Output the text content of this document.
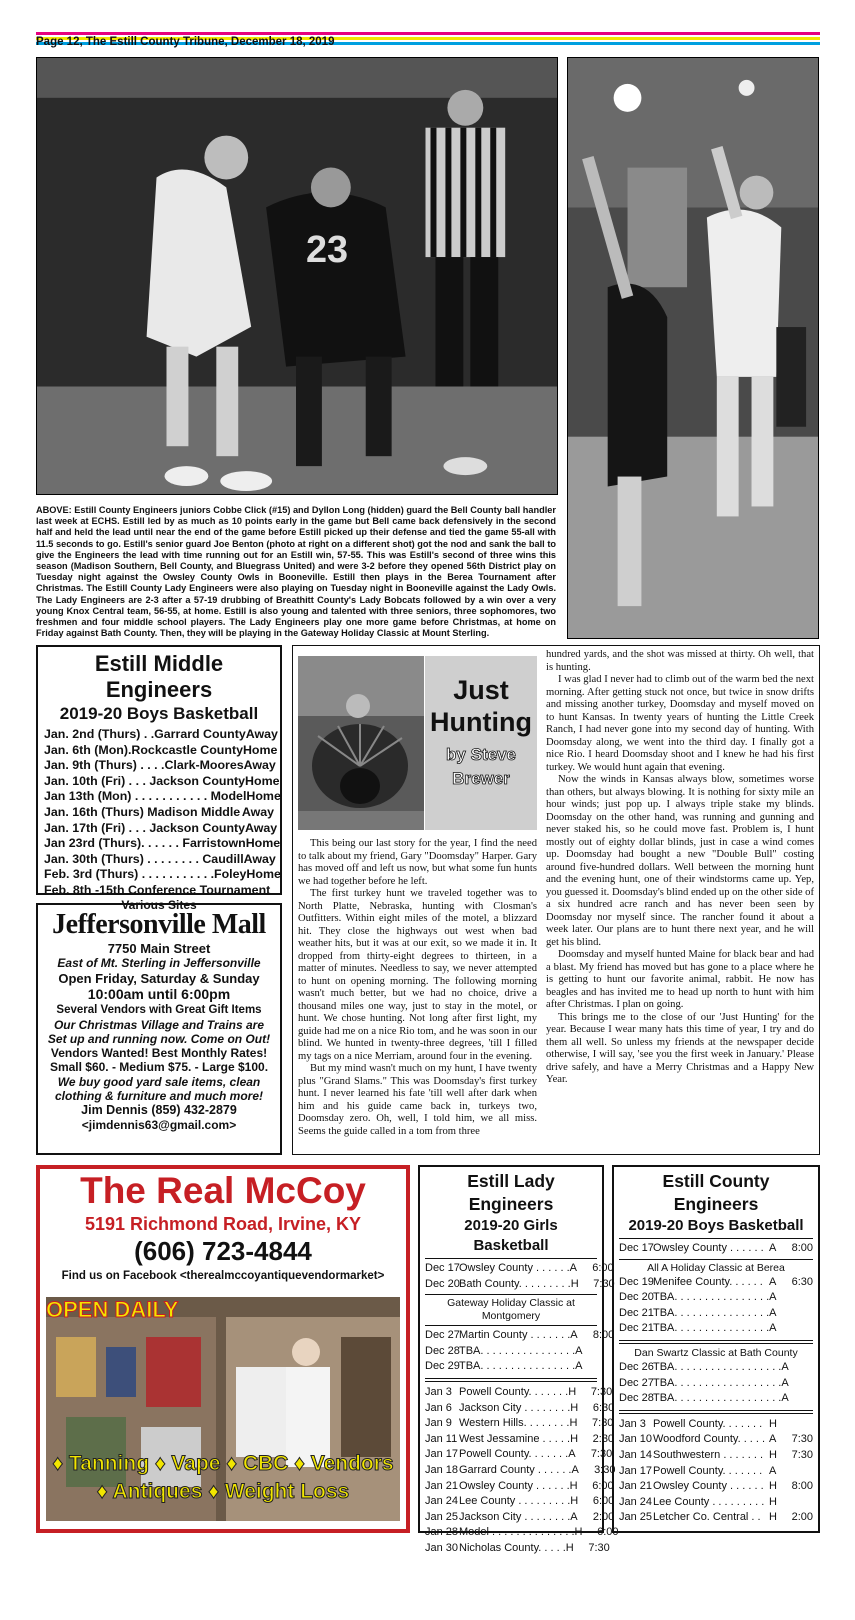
Page 12, The Estill County Tribune, December 18, 2019
23
ABOVE: Estill County Engineers juniors Cobbe Click (#15) and Dyllon Long (hidden) guard the Bell County ball handler last week at ECHS. Estill led by as much as 10 points early in the game but Bell came back defensively in the second half and held the lead until near the end of the game before Estill picked up their defense and tied the game 55-all with 11.5 seconds to go. Estill's senior guard Joe Benton (photo at right on a different shot) got the nod and sank the ball to give the Engineers the lead with time running out for an Estill win, 57-55. This was Estill's second of three wins this season (Madison Southern, Bell County, and Bluegrass United) and were 3-2 before they opened 56th District play on Tuesday night against the Owsley County Owls in Booneville. Estill then plays in the Berea Tournament after Christmas. The Estill County Lady Engineers were also playing on Tuesday night in Booneville against the Lady Owls. The Lady Engineers are 2-3 after a 57-19 drubbing of Breathitt County's Lady Bobcats followed by a win over a very young Knox Central team, 56-55, at home. Estill is also young and talented with three seniors, three sophomores, two freshmen and four middle school players. The Lady Engineers play one more game before Christmas, at home on Friday against Bath County. Then, they will be playing in the Gateway Holiday Classic at Mount Sterling.
Estill Middle Engineers
2019-20 Boys Basketball
Jan. 2nd (Thurs) . .Garrard County Away
Jan. 6th (Mon).Rockcastle County Home
Jan. 9th (Thurs) . . . .Clark-Moores Away
Jan. 10th (Fri) . . . Jackson County Home
Jan 13th (Mon) . . . . . . . . . . . Model Home
Jan. 16th (Thurs) Madison Middle Away
Jan. 17th (Fri) . . . Jackson County Away
Jan 23rd (Thurs). . . . . . Farristown Home
Jan. 30th (Thurs) . . . . . . . . Caudill Away
Feb. 3rd (Thurs) . . . . . . . . . . .Foley Home
Feb. 8th -15th Conference Tournament
Various Sites
Jeffersonville Mall
7750 Main Street
East of Mt. Sterling in Jeffersonville
Open Friday, Saturday & Sunday
10:00am until 6:00pm
Several Vendors with Great Gift Items
Our Christmas Village and Trains are
Set up and running now. Come on Out!
Vendors Wanted! Best Monthly Rates!
Small $60. - Medium $75. - Large $100.
We buy good yard sale items, clean
clothing & furniture and much more!
Jim Dennis (859) 432-2879
<jimdennis63@gmail.com>
Just
Hunting
by Steve
Brewer

This being our last story for the year, I find the need to talk about my friend, Gary "Doomsday" Harper. Gary has moved off and left us now, but what some fun hunts we had together before he left.

The first turkey hunt we traveled together was to North Platte, Nebraska, hunting with Closman's Outfitters. Within eight miles of the motel, a blizzard hit. They close the highways out west when bad weather hits, but it was at our exit, so we made it in. It dropped from thirty-eight degrees to thirteen, in a matter of minutes. Needless to say, we never attempted to hunt on opening morning. The following morning wasn't much better, but we had no choice, drive a thousand miles one way, just to stay in the motel, or hunt. We chose hunting. Not long after first light, my guide had me on a nice Rio tom, and he was soon in our blind. We hunted in twenty-three degrees, 'till I filled my tags on a nice Merriam, around four in the evening.

But my mind wasn't much on my hunt, I have twenty plus "Grand Slams." This was Doomsday's first turkey hunt. I never learned his fate 'till well after dark when him and his guide came back in, turkeys two, Doomsday zero. Oh, well, I told him, we all miss. Seems the guide called in a tom from three

hundred yards, and the shot was missed at thirty. Oh well, that is hunting.

I was glad I never had to climb out of the warm bed the next morning. After getting stuck not once, but twice in snow drifts and missing another turkey, Doomsday and myself moved on to hunt Kansas. In twenty years of hunting the Little Creek Ranch, I had never gone into my second day of hunting. With Doomsday along, we went into the third day. I finally got a nice Rio. I heard Doomsday shoot and I knew he had his first turkey. We would hunt again that evening.

Now the winds in Kansas always blow, sometimes worse than others, but always blowing. It is nothing for sixty mile an hour winds; just pop up. I always triple stake my blinds. Doomsday on the other hand, was running and gunning and never staked his, so he could move fast. Problem is, I hunt mostly out of eighty dollar blinds, just in case a wind comes up. Doomsday had bought a new "Double Bull" costing around five-hundred dollars. Well between the morning hunt and the evening hunt, one of their windstorms came up. Yep, you guessed it. Doomsday's blind ended up on the other side of a six hundred acre ranch and has never been seen by Doomsday nor myself since. The rancher found it about a week later. Our plans are to hunt there next year, and he will get his blind.

Doomsday and myself hunted Maine for black bear and had a blast. My friend has moved but has gone to a place where he is getting to hunt our favorite animal, rabbit. He now has beagles and has invited me to head up north to hunt with him after Christmas. I plan on going.

This brings me to the close of our 'Just Hunting' for the year. Because I wear many hats this time of year, I try and do them all well. So unless my friends at the newspaper decide otherwise, I will say, 'see you the first week in January.' Please drive safely, and have a Merry Christmas and a Happy New Year.

The Real McCoy
5191 Richmond Road, Irvine, KY
(606) 723-4844
Find us on Facebook <therealmccoyantiquevendormarket>
OPEN DAILY
♦ Tanning ♦ Vape ♦ CBC ♦ Vendors
♦ Antiques ♦ Weight Loss
Estill Lady Engineers
2019-20 Girls Basketball
Dec 17 Owsley County . . . . . . A	6:00
Dec 20 Bath County. . . . . . . . . H	7:30
Gateway Holiday Classic at Montgomery
Dec 27 Martin County . . . . . . . A	8:00
Dec 28 TBA. . . . . . . . . . . . . . . . A
Dec 29 TBA. . . . . . . . . . . . . . . . A
Jan 3 Powell County. . . . . . . H	7:30
Jan 6 Jackson City . . . . . . . . H	6:30
Jan 9 Western Hills. . . . . . . . H	7:30
Jan 11 West Jessamine . . . . . H	2:30
Jan 17 Powell County. . . . . . . A	7:30
Jan 18 Garrard County . . . . . . A	3:30
Jan 21 Owsley County . . . . . . H	6:00
Jan 24 Lee County . . . . . . . . . H	6:00
Jan 25 Jackson City . . . . . . . . A	2:00
Jan 28 Model . . . . . . . . . . . . . . H	6:00
Jan 30 Nicholas County. . . . . H	7:30
Estill County Engineers
2019-20 Boys Basketball
Dec 17 Owsley County . . . . . . A	8:00
All A Holiday Classic at Berea
Dec 19 Menifee County. . . . . . A	6:30
Dec 20 TBA. . . . . . . . . . . . . . . . A
Dec 21 TBA. . . . . . . . . . . . . . . . A
Dec 21 TBA. . . . . . . . . . . . . . . . A
Dan Swartz Classic at Bath County
Dec 26 TBA. . . . . . . . . . . . . . . . . . A
Dec 27 TBA. . . . . . . . . . . . . . . . . . A
Dec 28 TBA. . . . . . . . . . . . . . . . . . A
Jan 3 Powell County. . . . . . . H
Jan 10 Woodford County. . . . . A	7:30
Jan 14 Southwestern . . . . . . . H	7:30
Jan 17 Powell County. . . . . . . A
Jan 21 Owsley County . . . . . . H	8:00
Jan 24 Lee County . . . . . . . . . H
Jan 25 Letcher Co. Central . . H	2:00
